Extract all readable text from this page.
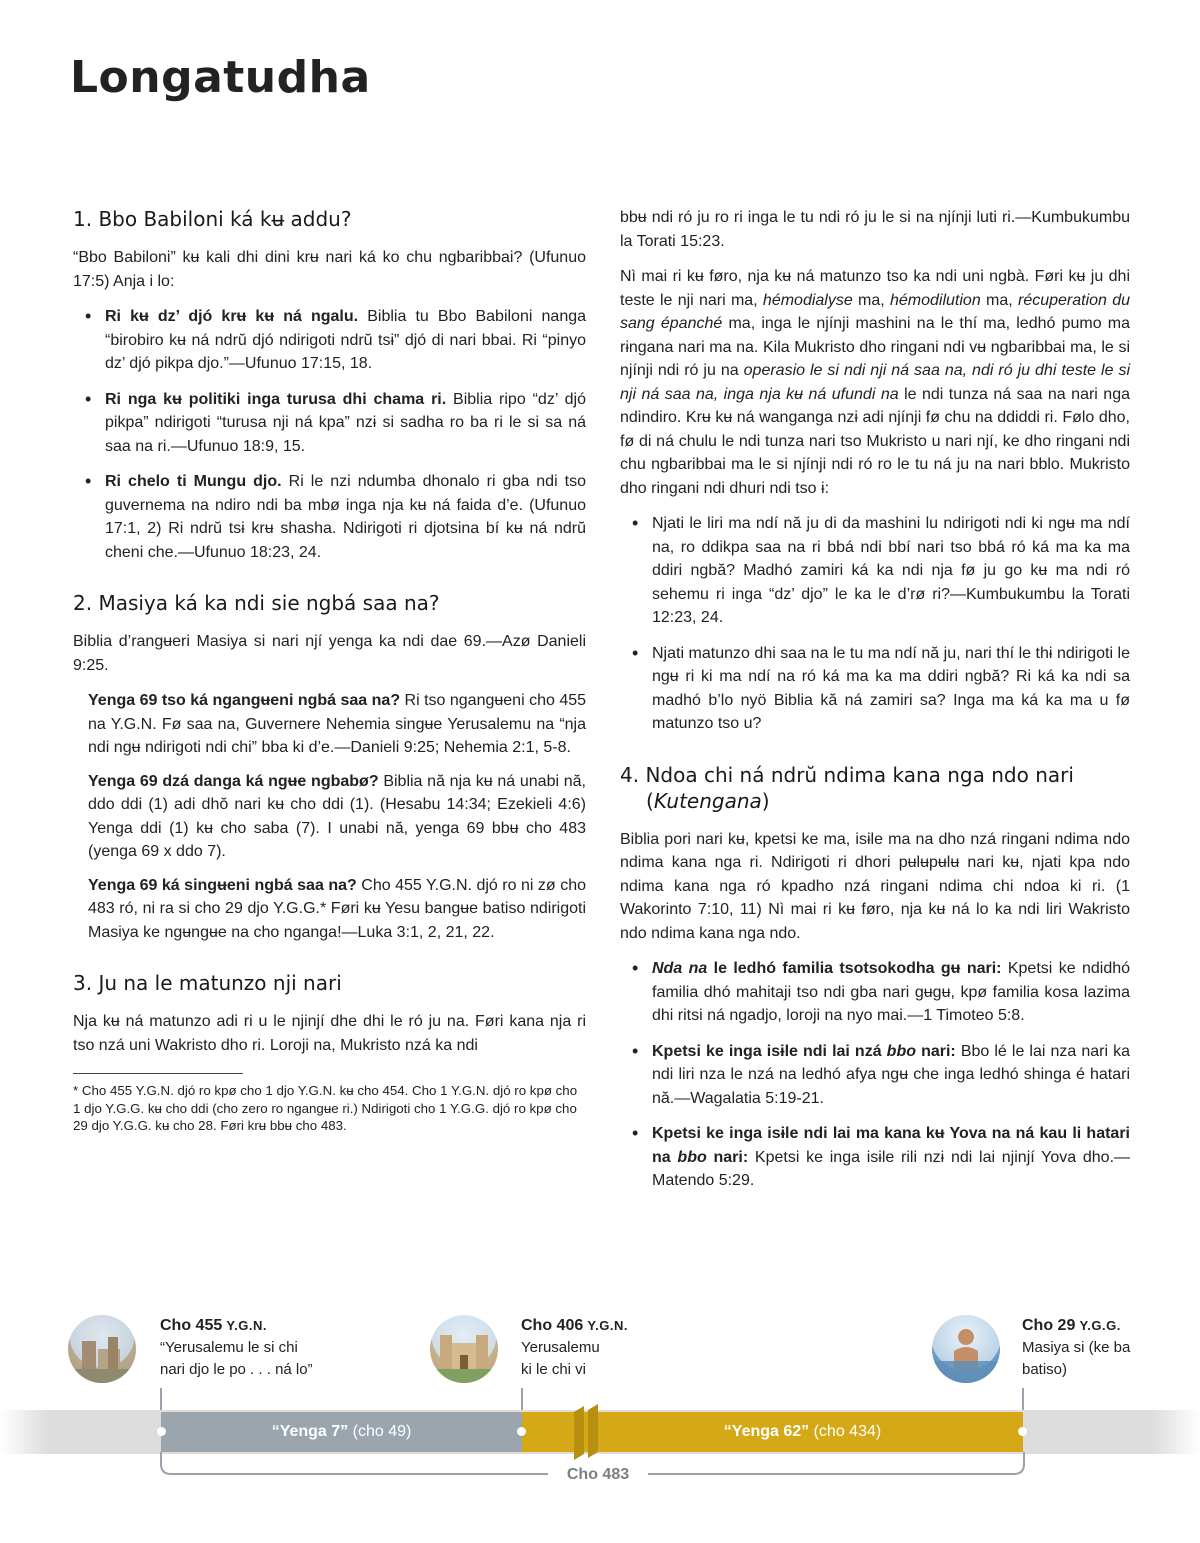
Longatudha
1. Bbo Babiloni ká kʉ addu?

“Bbo Babiloni” kʉ kali dhi dini krʉ nari ká ko chu ngbaribbai? (Ufunuo 17:5) Anja i lo:

• Ri kʉ dz’ djó krʉ kʉ ná ngalu. Biblia tu Bbo Babiloni nanga “birobiro kʉ ná ndrŭ djó ndirigoti ndrŭ tsɨ” djó di nari bbai. Ri “pinyo dz’ djó pikpa djo.”—Ufunuo 17:15, 18.
• Ri nga kʉ politiki inga turusa dhi chama ri. Biblia ripo “dz’ djó pikpa” ndirigoti “turusa nji ná kpa” nzɨ si sadha ro ba ri le si sa ná saa na ri.—Ufunuo 18:9, 15.
• Ri chelo ti Mungu djo. Ri le nzi ndumba dhonalo ri gba ndi tso guvernema na ndiro ndi ba mbø inga nja kʉ ná faida d’e. (Ufunuo 17:1, 2) Ri ndrŭ tsɨ krʉ shasha. Ndirigoti ri djotsina bí kʉ ná ndrŭ cheni che.—Ufunuo 18:23, 24.
2. Masiya ká ka ndi sie ngbá saa na?

Biblia d’rangʉeri Masiya si nari njí yenga ka ndi dae 69.—Azø Danieli 9:25.

Yenga 69 tso ká ngangʉeni ngbá saa na? Ri tso ngangʉeni cho 455 na Y.G.N. Fø saa na, Guvernere Nehemia singʉe Yerusalemu na “nja ndi ngʉ ndirigoti ndi chi” bba ki d’e.—Danieli 9:25; Nehemia 2:1, 5-8.

Yenga 69 dzá danga ká ngʉe ngbabø? Biblia nă nja kʉ ná unabi nă, ddo ddi (1) adi dhŏ nari kʉ cho ddi (1). (Hesabu 14:34; Ezekieli 4:6) Yenga ddi (1) kʉ cho saba (7). I unabi nă, yenga 69 bbʉ cho 483 (yenga 69 x ddo 7).

Yenga 69 ká singʉeni ngbá saa na? Cho 455 Y.G.N. djó ro ni zø cho 483 ró, ni ra si cho 29 djo Y.G.G.* Føri kʉ Yesu bangʉe batiso ndirigoti Masiya ke ngʉngʉe na cho nganga!—Luka 3:1, 2, 21, 22.

3. Ju na le matunzo nji nari

Nja kʉ ná matunzo adi ri u le njinjí dhe dhi le ró ju na. Føri kana nja ri tso nzá uni Wakristo dho ri. Loroji na, Mukristo nzá ka ndi

* Cho 455 Y.G.N. djó ro kpø cho 1 djo Y.G.N. kʉ cho 454. Cho 1 Y.G.N. djó ro kpø cho 1 djo Y.G.G. kʉ cho ddi (cho zero ro ngangʉe ri.) Ndirigoti cho 1 Y.G.G. djó ro kpø cho 29 djo Y.G.G. kʉ cho 28. Føri krʉ bbʉ cho 483.

bbʉ ndi ró ju ro ri inga le tu ndi ró ju le si na njínji luti ri.—Kumbukumbu la Torati 15:23.

Nì mai ri kʉ føro, nja kʉ ná matunzo tso ka ndi uni ngbà. Føri kʉ ju dhi teste le nji nari ma, hémodialyse ma, hémodilution ma, récuperation du sang épanché ma, inga le njínji mashini na le thí ma, ledhó pumo ma rɨngana nari ma na. Kila Mukristo dho ringani ndi vʉ ngbaribbai ma, le si njínji ndi ró ju na operasio le si ndi nji ná saa na, ndi ró ju dhi teste le si nji ná saa na, inga nja kʉ ná ufundi na le ndi tunza ná saa na nari nga ndindiro. Krʉ kʉ ná wanganga nzɨ adi njínji fø chu na ddiddi ri. Følo dho, fø di ná chulu le ndi tunza nari tso Mukristo u nari njí, ke dho ringani ndi chu ngbaribbai ma le si njínji ndi ró ro le tu ná ju na nari bblo. Mukristo dho ringani ndi dhuri ndi tso ɨ:

• Njati le liri ma ndí nă ju di da mashini lu ndirigoti ndi ki ngʉ ma ndí na, ro ddikpa saa na ri bbá ndi bbí nari tso bbá ró ká ma ka ma ddiri ngbă? Madhó zamiri ká ka ndi nja fø ju go kʉ ma ndi ró sehemu ri inga “dz’ djo” le ka le d’rø ri?—Kumbukumbu la Torati 12:23, 24.
• Njati matunzo dhi saa na le tu ma ndí nă ju, nari thí le thɨ ndirigoti le ngʉ ri ki ma ndí na ró ká ma ka ma ddiri ngbă? Ri ká ka ndi sa madhó b’lo nyö Biblia kă ná zamiri sa? Inga ma ká ka ma u fø matunzo tso u?
4. Ndoa chi ná ndrŭ ndima kana nga ndo nari
(Kutengana)

Biblia pori nari kʉ, kpetsi ke ma, isɨle ma na dho nzá ringani ndima ndo ndima kana nga ri. Ndirigoti ri dhori pʉlʉpʉlʉ nari kʉ, njati kpa ndo ndima kana nga ró kpadho nzá ringani ndima chi ndoa ki ri. (1 Wakorinto 7:10, 11) Nì mai ri kʉ føro, nja kʉ ná lo ka ndi liri Wakristo ndo ndima kana nga ndo.

• Nda na le ledhó familia tsotsokodha gʉ nari: Kpetsi ke ndidhó familia dhó mahitaji tso ndi gba nari gʉgʉ, kpø familia kosa lazima dhi ritsi ná ngadjo, loroji na nyo mai.—1 Timoteo 5:8.
• Kpetsi ke inga isɨle ndi lai nzá bbo nari: Bbo lé le lai nza nari ka ndi liri nza le nzá na ledhó afya ngʉ che inga ledhó shinga é hatari nă.—Wagalatia 5:19-21.
• Kpetsi ke inga isɨle ndi lai ma kana kʉ Yova na ná kau li hatari na bbo nari: Kpetsi ke inga isɨle rili nzɨ ndi lai njinjí Yova dho.—Matendo 5:29.
Cho 455 Y.G.N.
“Yerusalemu le si chi
nari djo le po . . . ná lo”
Cho 406 Y.G.N.
Yerusalemu
ki le chi vi
Cho 29 Y.G.G.
Masiya si (ke ba
batiso)
“Yenga 7” (cho 49)	“Yenga 62” (cho 434)
Cho 483
